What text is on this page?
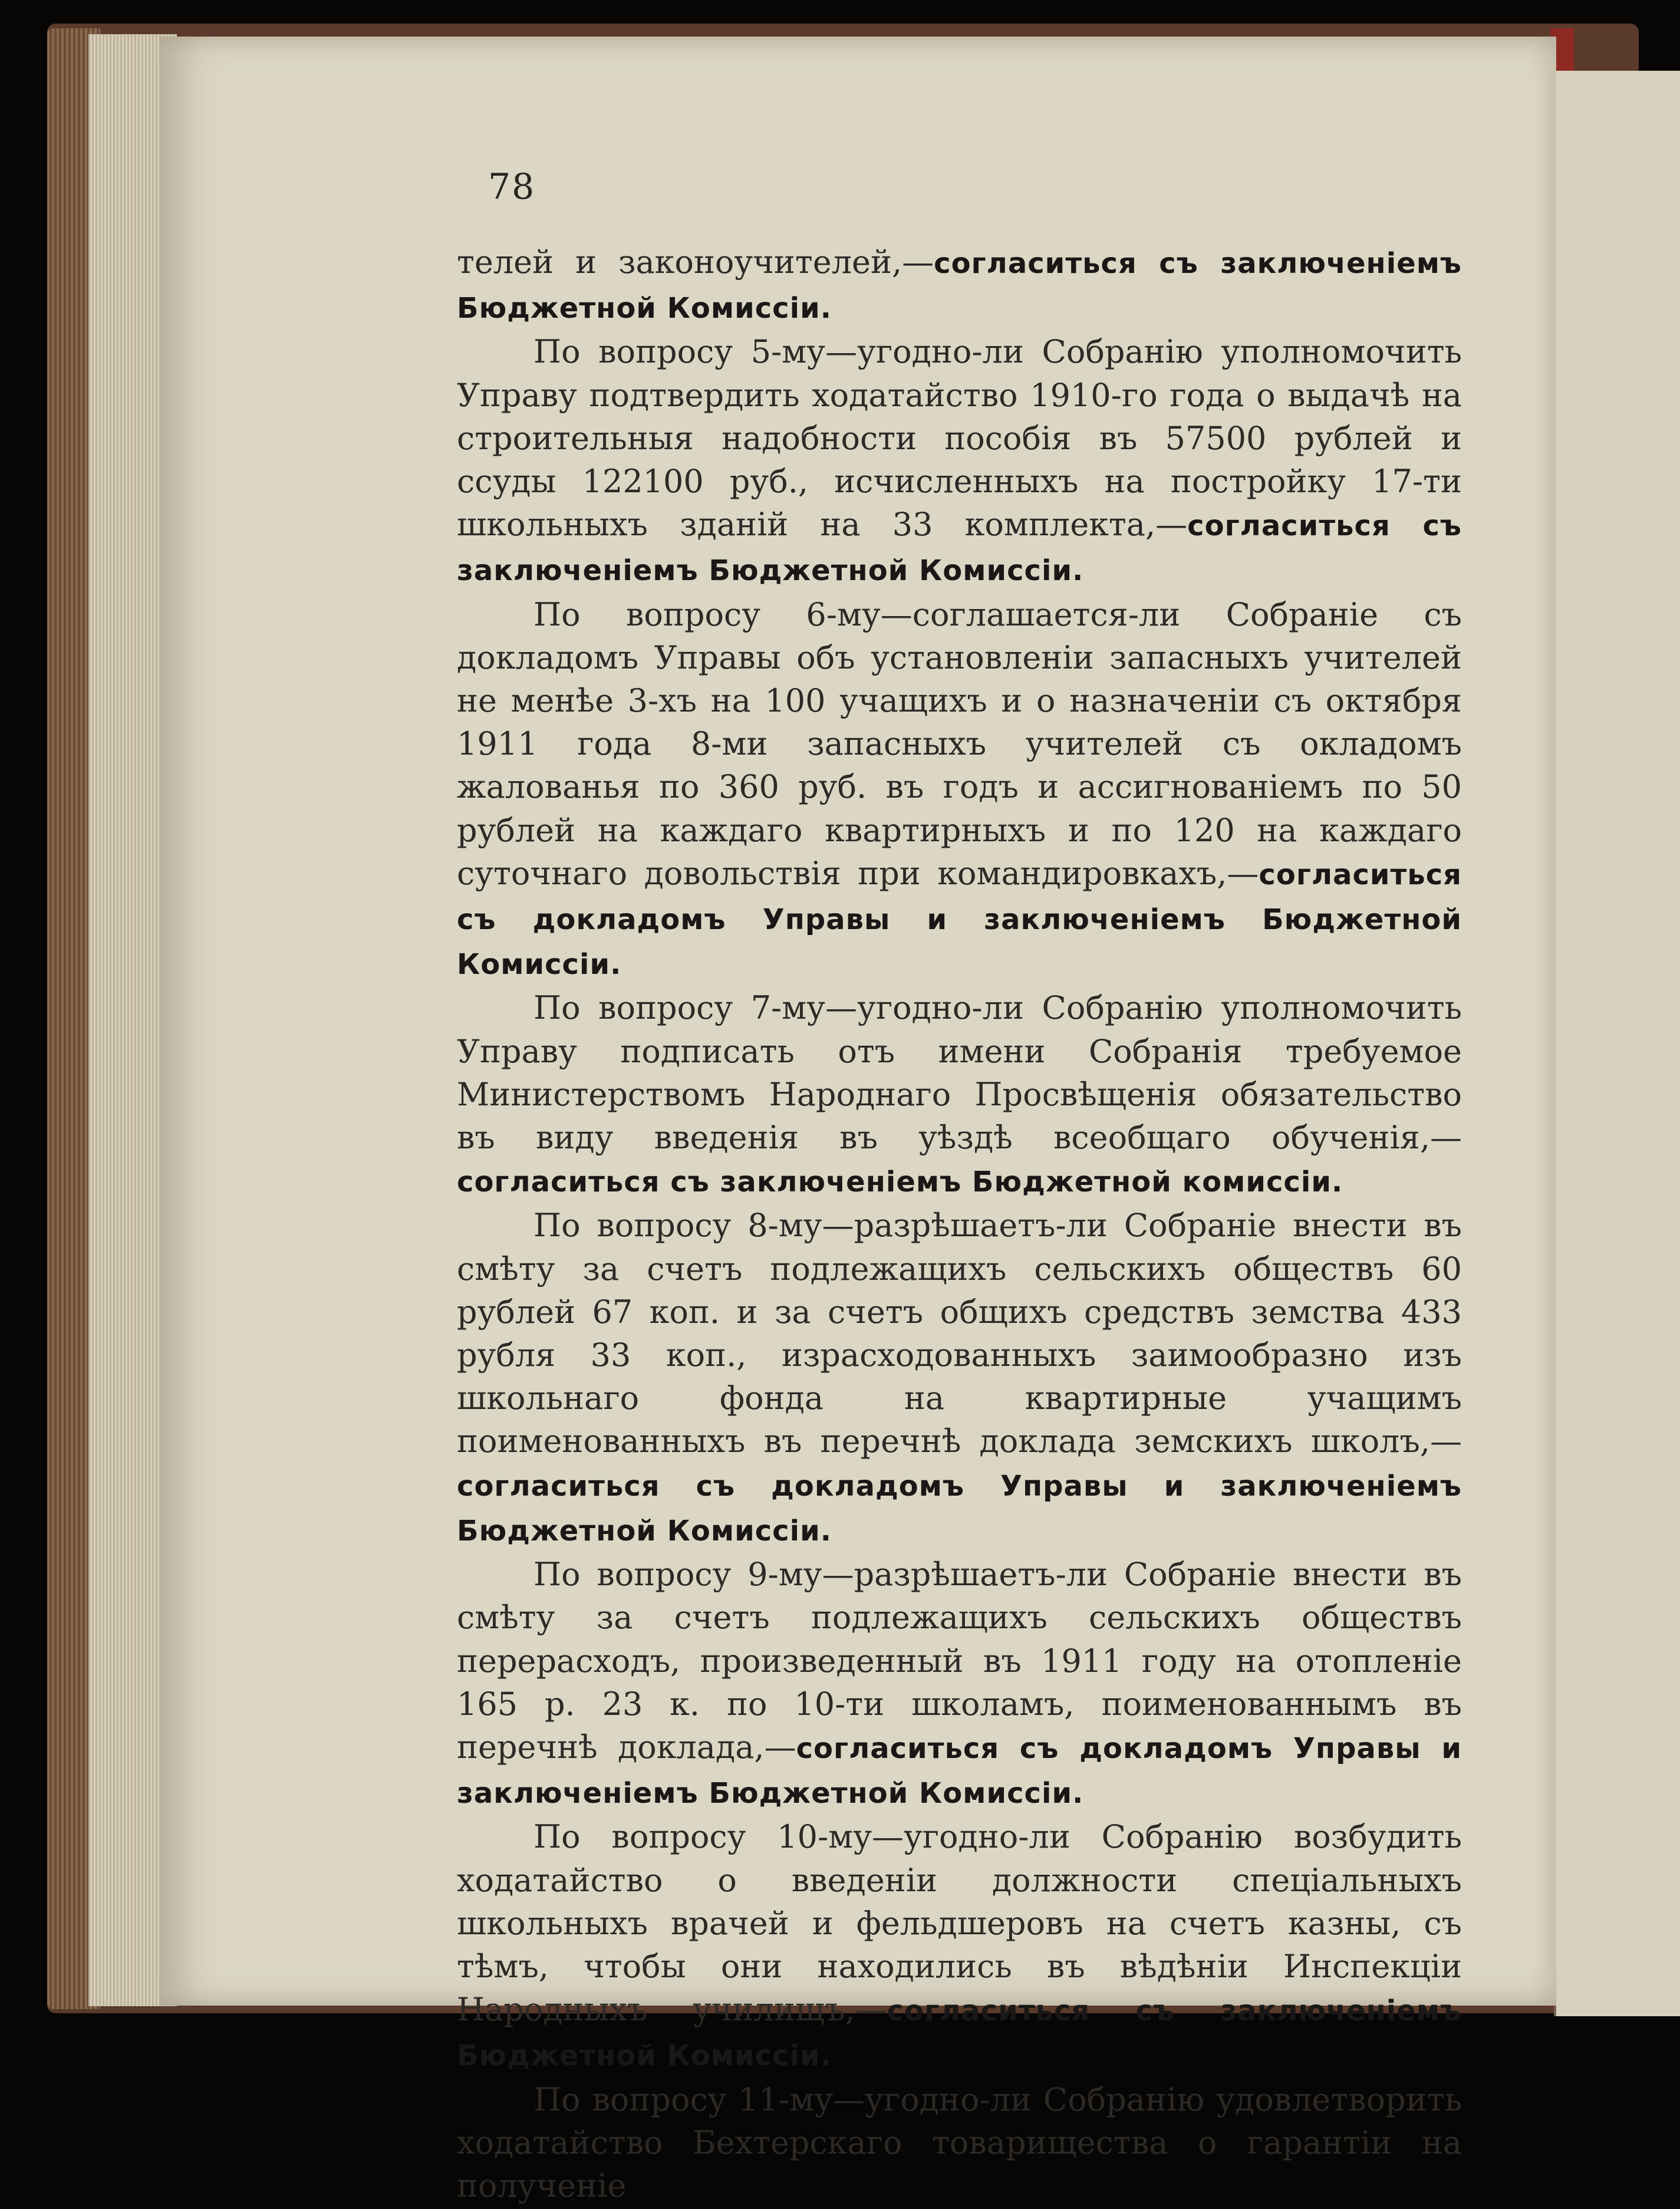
78

телей и законоучителей,—согласиться съ заключенiемъ Бюджетной Комиссiи.

По вопросу 5-му—угодно-ли Собранiю уполномочить Управу подтвердить ходатайство 1910-го года о выдачѣ на строительныя надобности пособiя въ 57500 рублей и ссуды 122100 руб., исчисленныхъ на постройку 17-ти школьныхъ зданiй на 33 комплекта,—согласиться съ заключенiемъ Бюджетной Комиссiи.

По вопросу 6-му—соглашается-ли Собранiе съ докладомъ Управы объ установленiи запасныхъ учителей не менѣе 3-хъ на 100 учащихъ и о назначенiи съ октября 1911 года 8-ми запасныхъ учителей съ окладомъ жалованья по 360 руб. въ годъ и ассигнованiемъ по 50 рублей на каждаго квартирныхъ и по 120 на каждаго суточнаго довольствiя при командировкахъ,—согласиться съ докладомъ Управы и заключенiемъ Бюджетной Комиссiи.

По вопросу 7-му—угодно-ли Собранiю уполномочить Управу подписать отъ имени Собранiя требуемое Министерствомъ Народнаго Просвѣщенiя обязательство въ виду введенiя въ уѣздѣ всеобщаго обученiя,—согласиться съ заключенiемъ Бюджетной комиссiи.

По вопросу 8-му—разрѣшаетъ-ли Собранiе внести въ смѣту за счетъ подлежащихъ сельскихъ обществъ 60 рублей 67 коп. и за счетъ общихъ средствъ земства 433 рубля 33 коп., израсходованныхъ заимообразно изъ школьнаго фонда на квартирные учащимъ поименованныхъ въ перечнѣ доклада земскихъ школъ,—согласиться съ докладомъ Управы и заключенiемъ Бюджетной Комиссiи.

По вопросу 9-му—разрѣшаетъ-ли Собранiе внести въ смѣту за счетъ подлежащихъ сельскихъ обществъ перерасходъ, произведенный въ 1911 году на отопленiе 165 р. 23 к. по 10-ти школамъ, поименованнымъ въ перечнѣ доклада,—согласиться съ докладомъ Управы и заключенiемъ Бюджетной Комиссiи.

По вопросу 10-му—угодно-ли Собранiю возбудить ходатайство о введенiи должности спецiальныхъ школьныхъ врачей и фельдшеровъ на счетъ казны, съ тѣмъ, чтобы они находились въ вѣдѣнiи Инспекцiи Народныхъ училищъ,—согласиться съ заключенiемъ Бюджетной Комиссiи.

По вопросу 11-му—угодно-ли Собранiю удовлетворить ходатайство Бехтерскаго товарищества о гарантiи на полученiе
